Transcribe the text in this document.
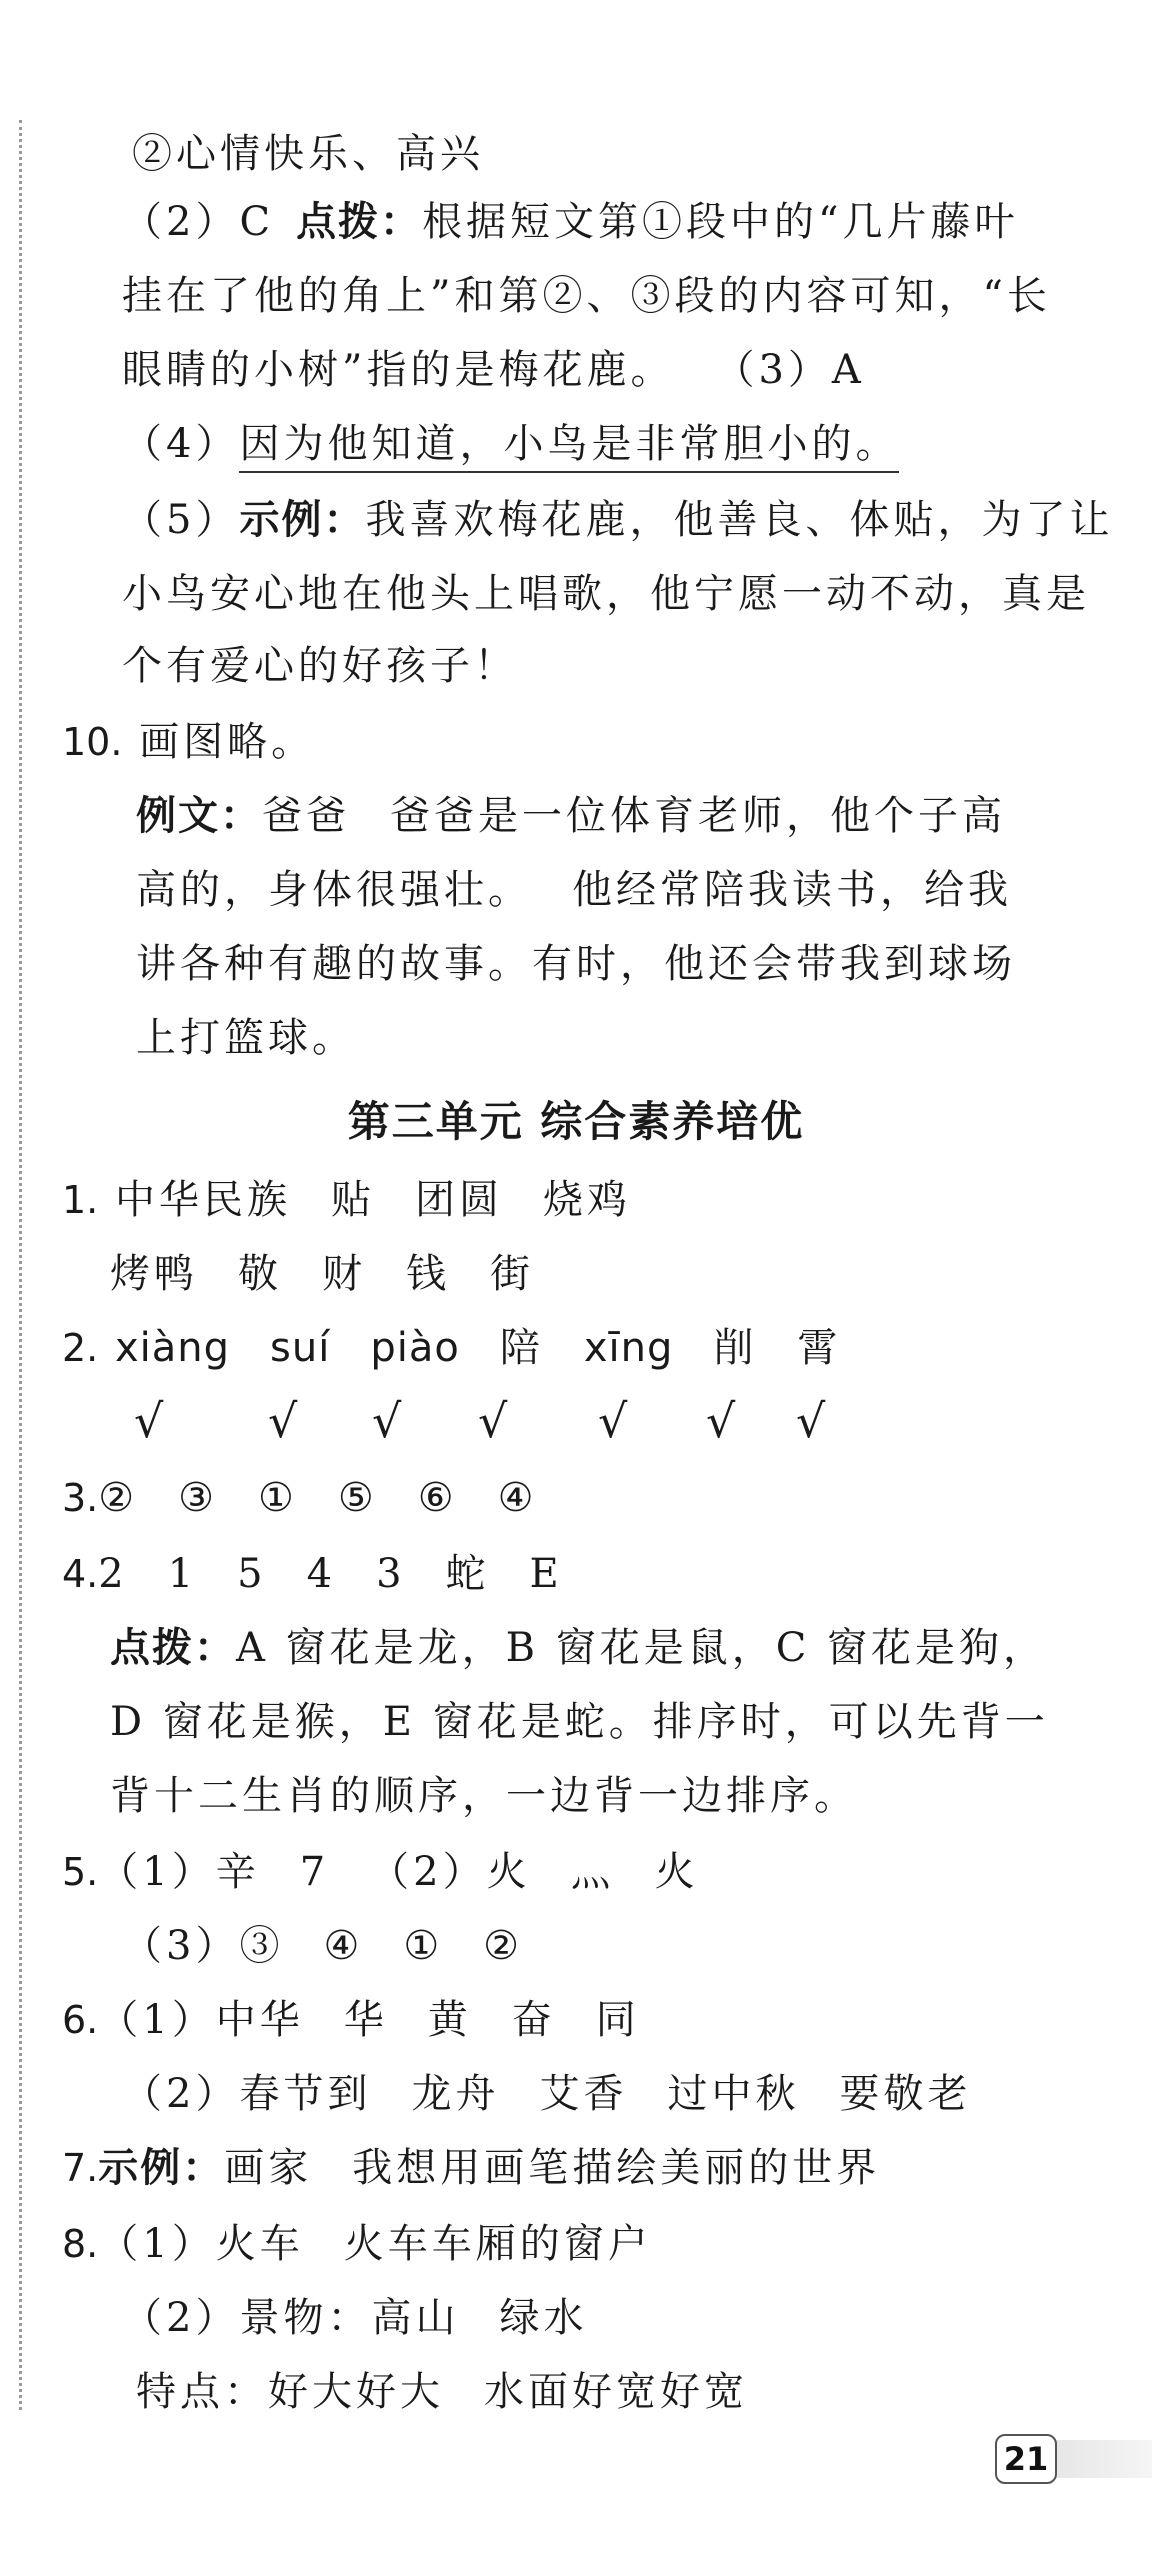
②心情快乐、高兴
（2）C 点拨：根据短文第①段中的“几片藤叶
挂在了他的角上”和第②、③段的内容可知，“长
眼睛的小树”指的是梅花鹿。 （3）A
（4）因为他知道，小鸟是非常胆小的。
（5）示例：我喜欢梅花鹿，他善良、体贴，为了让
小鸟安心地在他头上唱歌，他宁愿一动不动，真是
个有爱心的好孩子！
10. 画图略。
例文：爸爸 爸爸是一位体育老师，他个子高
高的，身体很强壮。 他经常陪我读书，给我
讲各种有趣的故事。有时，他还会带我到球场
上打篮球。
第三单元 综合素养培优
1. 中华民族 贴 团圆 烧鸡
烤鸭 敬 财 钱 街
2. xiàng suí piào 陪 xīng 削 霄
√ √ √ √ √ √ √
3.② ③ ① ⑤ ⑥ ④
4.2 1 5 4 3 蛇 E
点拨：A 窗花是龙，B 窗花是鼠，C 窗花是狗，
D 窗花是猴，E 窗花是蛇。排序时，可以先背一
背十二生肖的顺序，一边背一边排序。
5.（1）辛 7 （2）火 灬 火
（3）③ ④ ① ②
6.（1）中华 华 黄 奋 同
（2）春节到 龙舟 艾香 过中秋 要敬老
7.示例：画家 我想用画笔描绘美丽的世界
8.（1）火车 火车车厢的窗户
（2）景物：高山 绿水
特点：好大好大 水面好宽好宽
21
